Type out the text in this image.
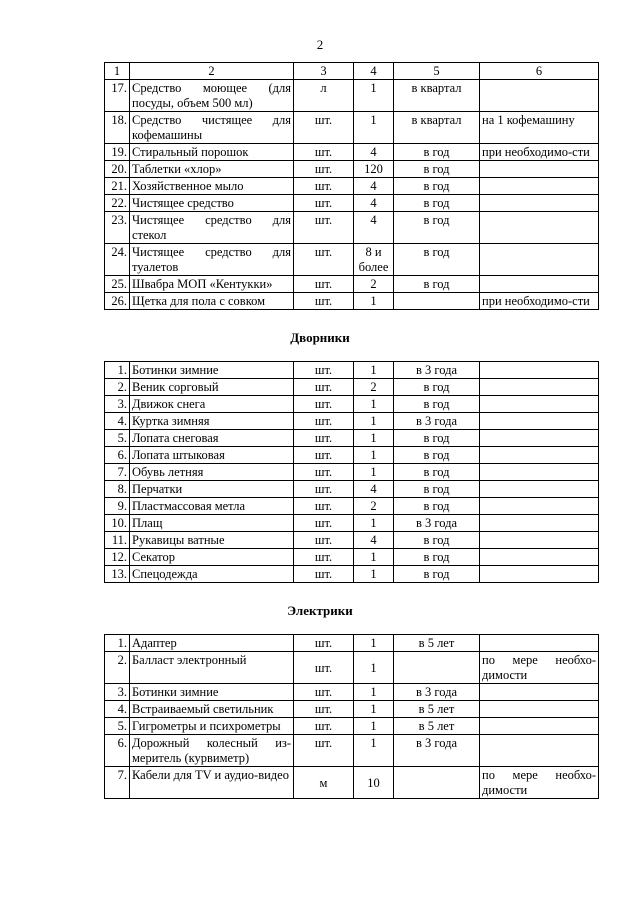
2
1	2	3	4	5	6
17.	Средство моющее (для посуды, объем 500 мл)	л	1	в квартал	
18.	Средство чистящее для кофемашины	шт.	1	в квартал	на 1 кофемашину
19.	Стиральный порошок	шт.	4	в год	при необходимо-сти
20.	Таблетки «хлор»	шт.	120	в год	
21.	Хозяйственное мыло	шт.	4	в год	
22.	Чистящее средство	шт.	4	в год	
23.	Чистящее средство для стекол	шт.	4	в год	
24.	Чистящее средство для туалетов	шт.	8 и более	в год	
25.	Швабра МОП «Кентукки»	шт.	2	в год	
26.	Щетка для пола с совком	шт.	1		при необходимо-сти
Дворники
1.	Ботинки зимние	шт.	1	в 3 года	
2.	Веник сорговый	шт.	2	в год	
3.	Движок снега	шт.	1	в год	
4.	Куртка зимняя	шт.	1	в 3 года	
5.	Лопата снеговая	шт.	1	в год	
6.	Лопата штыковая	шт.	1	в год	
7.	Обувь летняя	шт.	1	в год	
8.	Перчатки	шт.	4	в год	
9.	Пластмассовая метла	шт.	2	в год	
10.	Плащ	шт.	1	в 3 года	
11.	Рукавицы ватные	шт.	4	в год	
12.	Секатор	шт.	1	в год	
13.	Спецодежда	шт.	1	в год	
Электрики
1.	Адаптер	шт.	1	в 5 лет	
2.	Балласт электронный	шт.	1		по мере необхо-димости
3.	Ботинки зимние	шт.	1	в 3 года	
4.	Встраиваемый светильник	шт.	1	в 5 лет	
5.	Гигрометры и психрометры	шт.	1	в 5 лет	
6.	Дорожный колесный из-меритель (курвиметр)	шт.	1	в 3 года	
7.	Кабели для TV и аудио-видео	м	10		по мере необхо-димости
